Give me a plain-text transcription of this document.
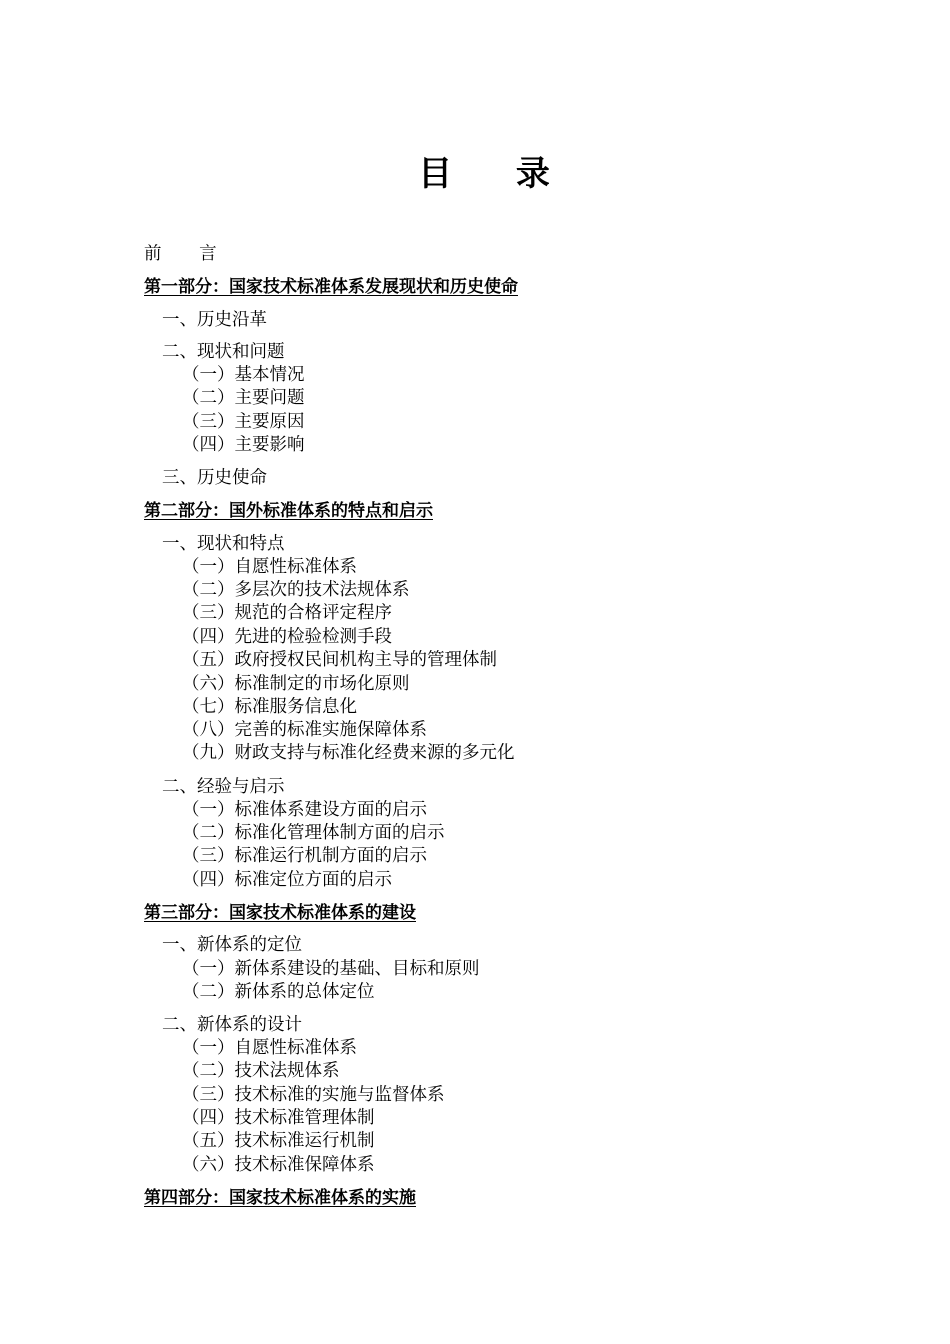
目 录
前 言
第一部分：国家技术标准体系发展现状和历史使命
一、历史沿革
二、现状和问题
（一）基本情况
（二）主要问题
（三）主要原因
（四）主要影响
三、历史使命
第二部分：国外标准体系的特点和启示
一、现状和特点
（一）自愿性标准体系
（二）多层次的技术法规体系
（三）规范的合格评定程序
（四）先进的检验检测手段
（五）政府授权民间机构主导的管理体制
（六）标准制定的市场化原则
（七）标准服务信息化
（八）完善的标准实施保障体系
（九）财政支持与标准化经费来源的多元化
二、经验与启示
（一）标准体系建设方面的启示
（二）标准化管理体制方面的启示
（三）标准运行机制方面的启示
（四）标准定位方面的启示
第三部分：国家技术标准体系的建设
一、新体系的定位
（一）新体系建设的基础、目标和原则
（二）新体系的总体定位
二、新体系的设计
（一）自愿性标准体系
（二）技术法规体系
（三）技术标准的实施与监督体系
（四）技术标准管理体制
（五）技术标准运行机制
（六）技术标准保障体系
第四部分：国家技术标准体系的实施
